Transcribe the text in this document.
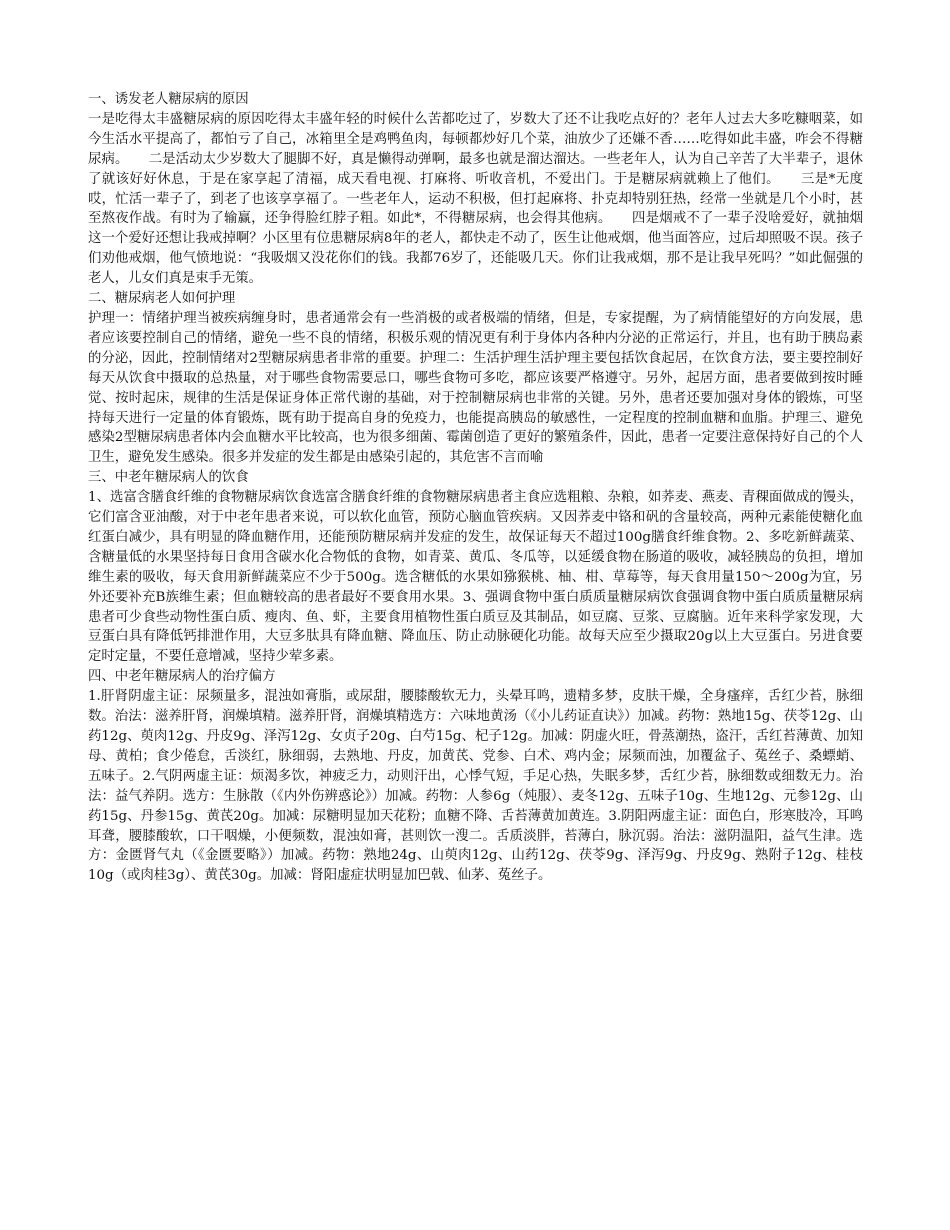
一、诱发老人糖尿病的原因

一是吃得太丰盛糖尿病的原因吃得太丰盛年轻的时候什么苦都吃过了，岁数大了还不让我吃点好的？老年人过去大多吃糠咽菜，如今生活水平提高了，都怕亏了自己，冰箱里全是鸡鸭鱼肉，每顿都炒好几个菜，油放少了还嫌不香……吃得如此丰盛，咋会不得糖尿病。　　二是活动太少岁数大了腿脚不好，真是懒得动弹啊，最多也就是溜达溜达。一些老年人，认为自己辛苦了大半辈子，退休了就该好好休息，于是在家享起了清福，成天看电视、打麻将、听收音机，不爱出门。于是糖尿病就赖上了他们。　　三是*无度哎，忙活一辈子了，到老了也该享享福了。一些老年人，运动不积极，但打起麻将、扑克却特别狂热，经常一坐就是几个小时，甚至熬夜作战。有时为了输赢，还争得脸红脖子粗。如此*，不得糖尿病，也会得其他病。　　四是烟戒不了一辈子没啥爱好，就抽烟这一个爱好还想让我戒掉啊？小区里有位患糖尿病8年的老人，都快走不动了，医生让他戒烟，他当面答应，过后却照吸不误。孩子们劝他戒烟，他气愤地说：“我吸烟又没花你们的钱。我都76岁了，还能吸几天。你们让我戒烟，那不是让我早死吗？”如此倔强的老人，儿女们真是束手无策。

二、糖尿病老人如何护理

护理一：情绪护理当被疾病缠身时，患者通常会有一些消极的或者极端的情绪，但是，专家提醒，为了病情能望好的方向发展，患者应该要控制自己的情绪，避免一些不良的情绪，积极乐观的情况更有利于身体内各种内分泌的正常运行，并且，也有助于胰岛素的分泌，因此，控制情绪对2型糖尿病患者非常的重要。护理二：生活护理生活护理主要包括饮食起居，在饮食方法，要主要控制好每天从饮食中摄取的总热量，对于哪些食物需要忌口，哪些食物可多吃，都应该要严格遵守。另外，起居方面，患者要做到按时睡觉、按时起床，规律的生活是保证身体正常代谢的基础，对于控制糖尿病也非常的关键。另外，患者还要加强对身体的锻炼，可坚持每天进行一定量的体育锻炼，既有助于提高自身的免疫力，也能提高胰岛的敏感性，一定程度的控制血糖和血脂。护理三、避免感染2型糖尿病患者体内会血糖水平比较高，也为很多细菌、霉菌创造了更好的繁殖条件，因此，患者一定要注意保持好自己的个人卫生，避免发生感染。很多并发症的发生都是由感染引起的，其危害不言而喻

三、中老年糖尿病人的饮食

1、选富含膳食纤维的食物糖尿病饮食选富含膳食纤维的食物糖尿病患者主食应选粗粮、杂粮，如荞麦、燕麦、青稞面做成的馒头，它们富含亚油酸，对于中老年患者来说，可以软化血管，预防心脑血管疾病。又因荞麦中铬和矾的含量较高，两种元素能使糖化血红蛋白减少，具有明显的降血糖作用，还能预防糖尿病并发症的发生，故保证每天不超过100g膳食纤维食物。2、多吃新鲜蔬菜、含糖量低的水果坚持每日食用含碳水化合物低的食物，如青菜、黄瓜、冬瓜等，以延缓食物在肠道的吸收，减轻胰岛的负担，增加维生素的吸收，每天食用新鲜蔬菜应不少于500g。选含糖低的水果如猕猴桃、柚、柑、草莓等，每天食用量150～200g为宜，另外还要补充B族维生素；但血糖较高的患者最好不要食用水果。3、强调食物中蛋白质质量糖尿病饮食强调食物中蛋白质质量糖尿病患者可少食些动物性蛋白质、瘦肉、鱼、虾，主要食用植物性蛋白质豆及其制品，如豆腐、豆浆、豆腐脑。近年来科学家发现，大豆蛋白具有降低钙排泄作用，大豆多肽具有降血糖、降血压、防止动脉硬化功能。故每天应至少摄取20g以上大豆蛋白。另进食要定时定量，不要任意增减，坚持少荤多素。

四、中老年糖尿病人的治疗偏方

1.肝肾阴虚主证：尿频量多，混浊如膏脂，或尿甜，腰膝酸软无力，头晕耳鸣，遗精多梦，皮肤干燥，全身瘙痒，舌红少苔，脉细数。治法：滋养肝肾，润燥填精。滋养肝肾，润燥填精选方：六味地黄汤（《小儿药证直诀》）加减。药物：熟地15g、茯苓12g、山药12g、萸肉12g、丹皮9g、泽泻12g、女贞子20g、白芍15g、杞子12g。加减：阴虚火旺，骨蒸潮热，盗汗，舌红苔薄黄、加知母、黄柏；食少倦怠，舌淡红，脉细弱，去熟地、丹皮，加黄芪、党参、白术、鸡内金；尿频而浊，加覆盆子、菟丝子、桑螵蛸、五味子。2.气阴两虚主证：烦渴多饮，神疲乏力，动则汗出，心悸气短，手足心热，失眠多梦，舌红少苔，脉细数或细数无力。治法：益气养阴。选方：生脉散（《内外伤辨惑论》）加减。药物：人参6g（炖服）、麦冬12g、五味子10g、生地12g、元参12g、山药15g、丹参15g、黄芪20g。加减：尿糖明显加天花粉；血糖不降、舌苔薄黄加黄连。3.阴阳两虚主证：面色白，形寒肢冷，耳鸣耳聋，腰膝酸软，口干咽燥，小便频数，混浊如膏，甚则饮一溲二。舌质淡胖，苔薄白，脉沉弱。治法：滋阴温阳，益气生津。选方：金匮肾气丸（《金匮要略》）加减。药物：熟地24g、山萸肉12g、山药12g、茯苓9g、泽泻9g、丹皮9g、熟附子12g、桂枝10g（或肉桂3g）、黄芪30g。加减：肾阳虚症状明显加巴戟、仙茅、菟丝子。
